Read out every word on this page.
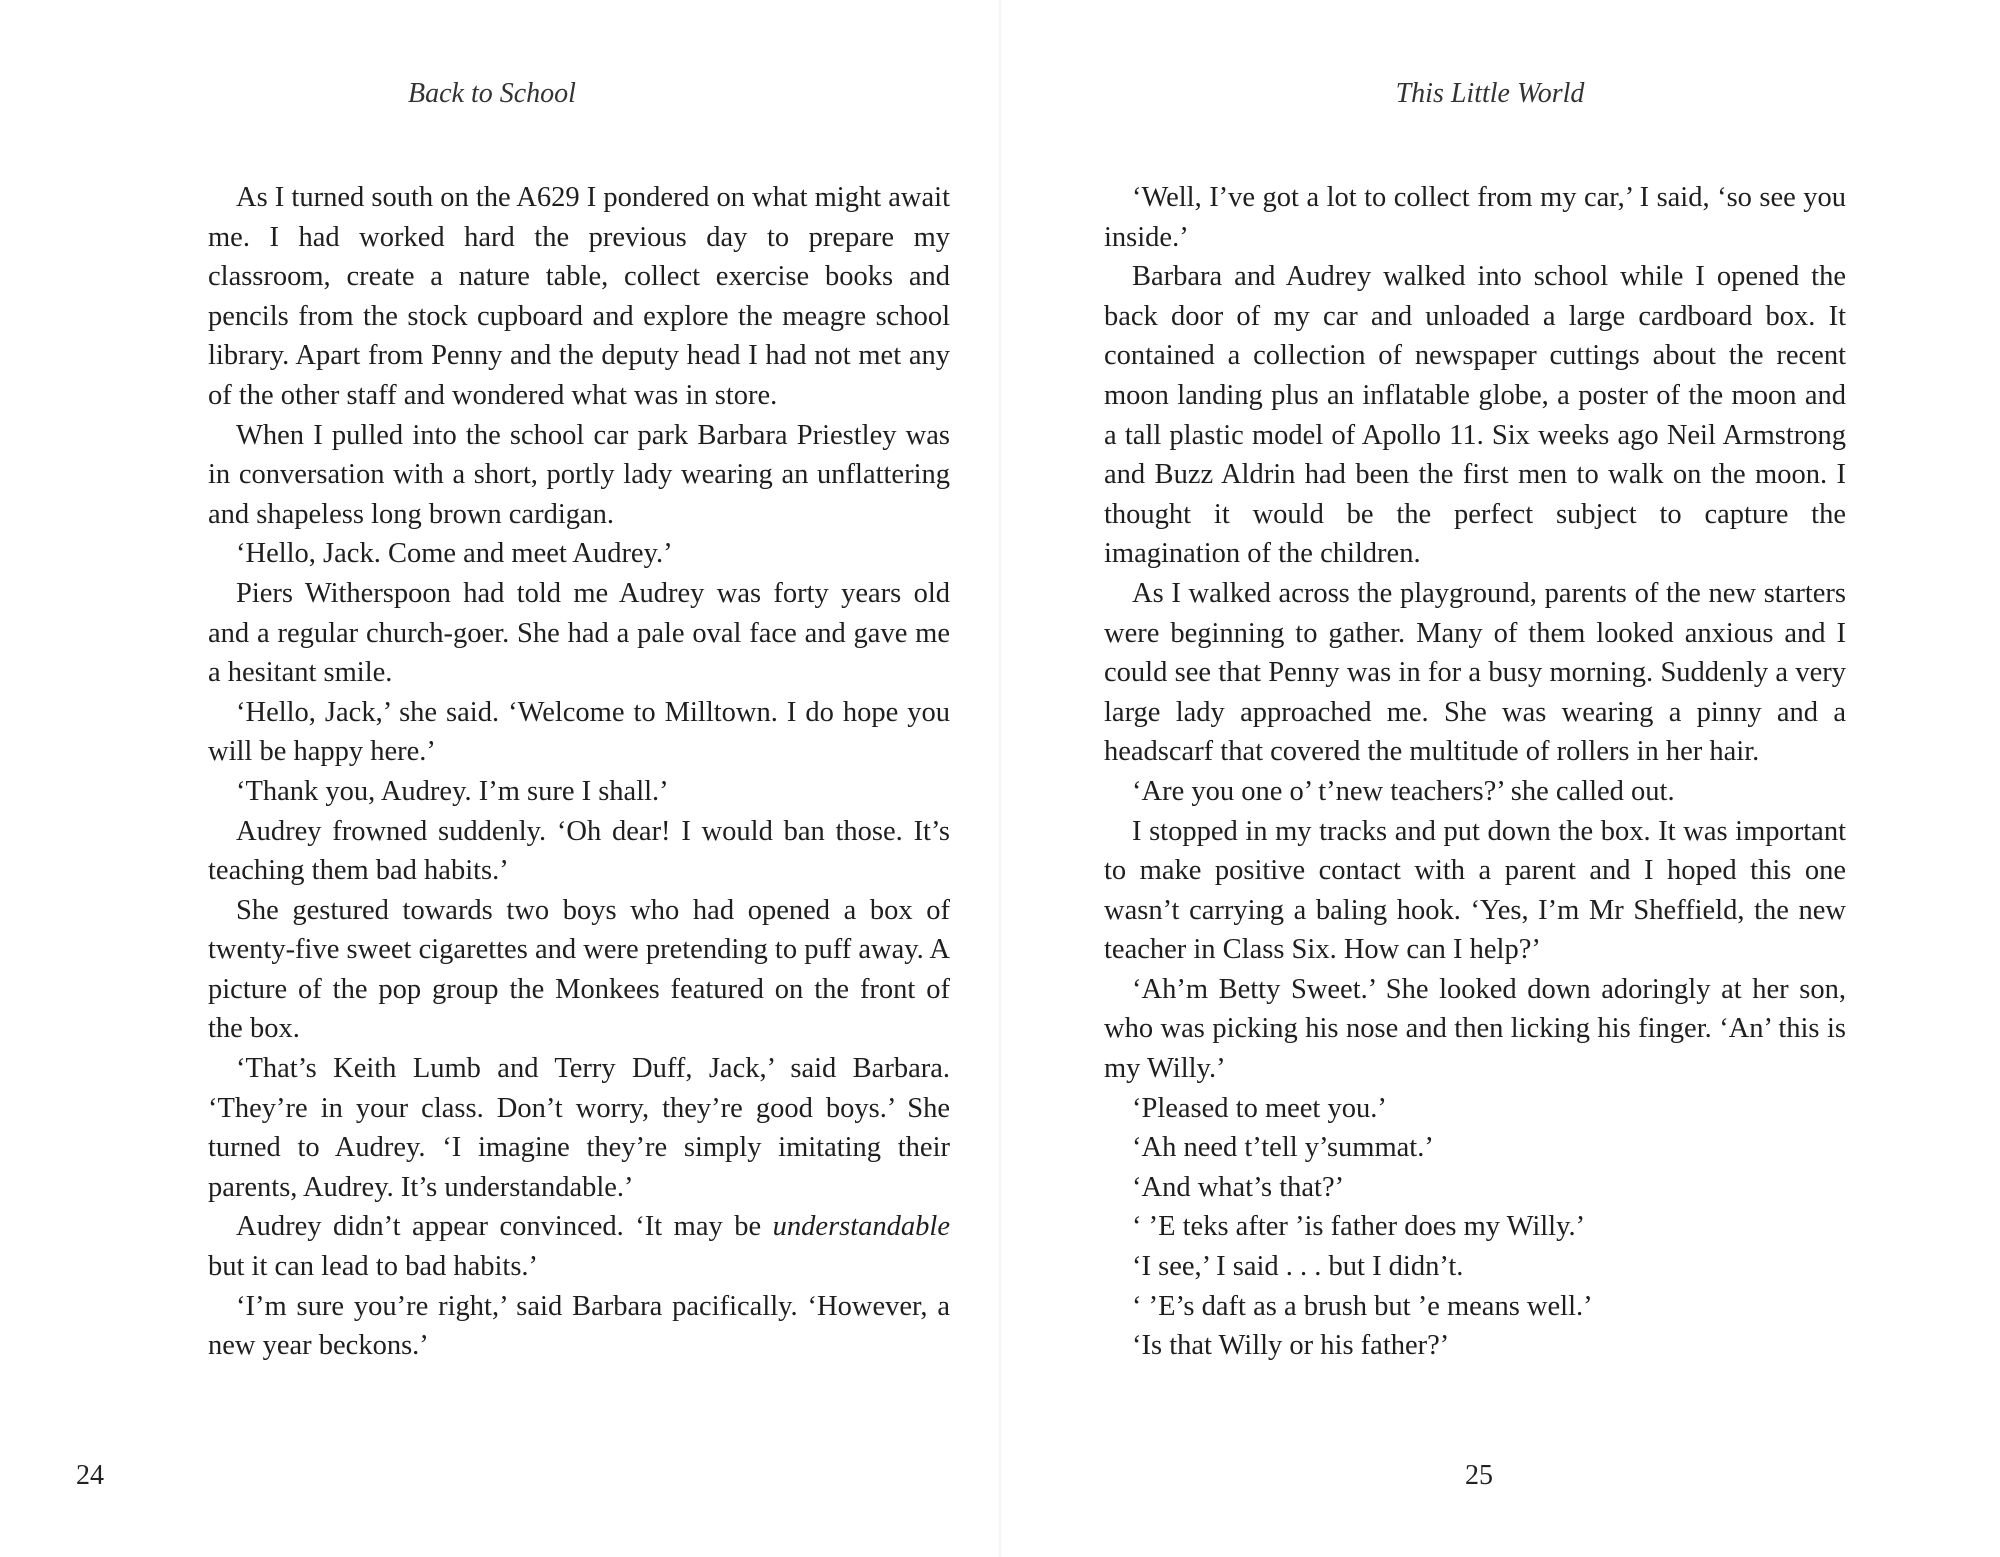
Back to School

As I turned south on the A629 I pondered on what might await me. I had worked hard the previous day to prepare my classroom, create a nature table, collect exercise books and pencils from the stock cupboard and explore the meagre school library. Apart from Penny and the deputy head I had not met any of the other staff and wondered what was in store.

When I pulled into the school car park Barbara Priestley was in conversation with a short, portly lady wearing an unflattering and shapeless long brown cardigan.

‘Hello, Jack. Come and meet Audrey.’

Piers Witherspoon had told me Audrey was forty years old and a regular church-goer. She had a pale oval face and gave me a hesitant smile.

‘Hello, Jack,’ she said. ‘Welcome to Milltown. I do hope you will be happy here.’

‘Thank you, Audrey. I’m sure I shall.’

Audrey frowned suddenly. ‘Oh dear! I would ban those. It’s teaching them bad habits.’

She gestured towards two boys who had opened a box of twenty-five sweet cigarettes and were pretending to puff away. A picture of the pop group the Monkees featured on the front of the box.

‘That’s Keith Lumb and Terry Duff, Jack,’ said Barbara. ‘They’re in your class. Don’t worry, they’re good boys.’ She turned to Audrey. ‘I imagine they’re simply imitating their parents, Audrey. It’s understandable.’

Audrey didn’t appear convinced. ‘It may be understandable but it can lead to bad habits.’

‘I’m sure you’re right,’ said Barbara pacifically. ‘However, a new year beckons.’

24
This Little World

‘Well, I’ve got a lot to collect from my car,’ I said, ‘so see you inside.’

Barbara and Audrey walked into school while I opened the back door of my car and unloaded a large cardboard box. It contained a collection of newspaper cuttings about the recent moon landing plus an inflatable globe, a poster of the moon and a tall plastic model of Apollo 11. Six weeks ago Neil Armstrong and Buzz Aldrin had been the first men to walk on the moon. I thought it would be the perfect subject to capture the imagination of the children.

As I walked across the playground, parents of the new starters were beginning to gather. Many of them looked anxious and I could see that Penny was in for a busy morning. Suddenly a very large lady approached me. She was wearing a pinny and a headscarf that covered the multitude of rollers in her hair.

‘Are you one o’ t’new teachers?’ she called out.

I stopped in my tracks and put down the box. It was important to make positive contact with a parent and I hoped this one wasn’t carrying a baling hook. ‘Yes, I’m Mr Sheffield, the new teacher in Class Six. How can I help?’

‘Ah’m Betty Sweet.’ She looked down adoringly at her son, who was picking his nose and then licking his finger. ‘An’ this is my Willy.’

‘Pleased to meet you.’

‘Ah need t’tell y’summat.’

‘And what’s that?’

‘ ’E teks after ’is father does my Willy.’

‘I see,’ I said . . . but I didn’t.

‘ ’E’s daft as a brush but ’e means well.’

‘Is that Willy or his father?’

25
